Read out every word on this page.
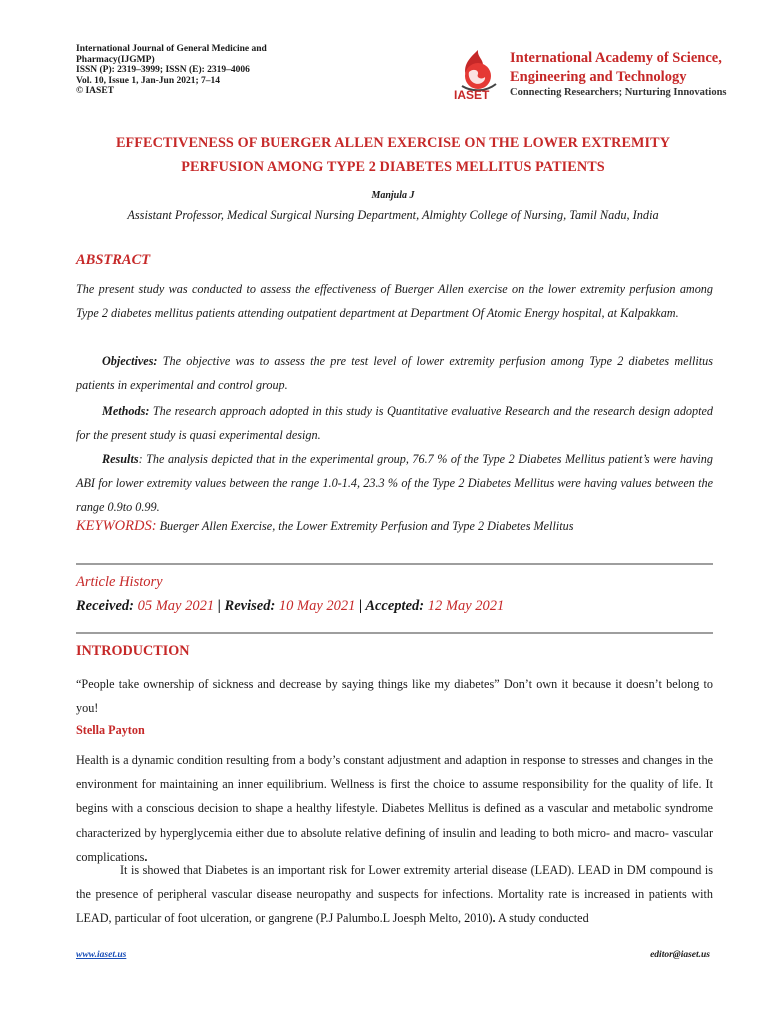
International Journal of General Medicine and
Pharmacy(IJGMP)
ISSN (P): 2319–3999; ISSN (E): 2319–4006
Vol. 10, Issue 1, Jan-Jun 2021; 7–14
© IASET	IASET
International Academy of Science,
Engineering and Technology
Connecting Researchers; Nurturing Innovations
EFFECTIVENESS OF BUERGER ALLEN EXERCISE ON THE LOWER EXTREMITY
PERFUSION AMONG TYPE 2 DIABETES MELLITUS PATIENTS
Manjula J
Assistant Professor, Medical Surgical Nursing Department, Almighty College of Nursing, Tamil Nadu, India
ABSTRACT
The present study was conducted to assess the effectiveness of Buerger Allen exercise on the lower extremity perfusion among Type 2 diabetes mellitus patients attending outpatient department at Department Of Atomic Energy hospital, at Kalpakkam.
Objectives: The objective was to assess the pre test level of lower extremity perfusion among Type 2 diabetes mellitus patients in experimental and control group.
Methods: The research approach adopted in this study is Quantitative evaluative Research and the research design adopted for the present study is quasi experimental design.
Results: The analysis depicted that in the experimental group, 76.7 % of the Type 2 Diabetes Mellitus patient’s were having ABI for lower extremity values between the range 1.0-1.4, 23.3 % of the Type 2 Diabetes Mellitus were having values between the range 0.9to 0.99.
KEYWORDS: Buerger Allen Exercise, the Lower Extremity Perfusion and Type 2 Diabetes Mellitus
Article History
Received: 05 May 2021 | Revised: 10 May 2021 | Accepted: 12 May 2021
INTRODUCTION
“People take ownership of sickness and decrease by saying things like my diabetes” Don’t own it because it doesn’t belong to you!
Stella Payton
Health is a dynamic condition resulting from a body’s constant adjustment and adaption in response to stresses and changes in the environment for maintaining an inner equilibrium. Wellness is first the choice to assume responsibility for the quality of life. It begins with a conscious decision to shape a healthy lifestyle. Diabetes Mellitus is defined as a vascular and metabolic syndrome characterized by hyperglycemia either due to absolute relative defining of insulin and leading to both micro- and macro- vascular complications.
It is showed that Diabetes is an important risk for Lower extremity arterial disease (LEAD). LEAD in DM compound is the presence of peripheral vascular disease neuropathy and suspects for infections. Mortality rate is increased in patients with LEAD, particular of foot ulceration, or gangrene (P.J Palumbo.L Joesph Melto, 2010). A study conducted
www.iaset.us	editor@iaset.us
